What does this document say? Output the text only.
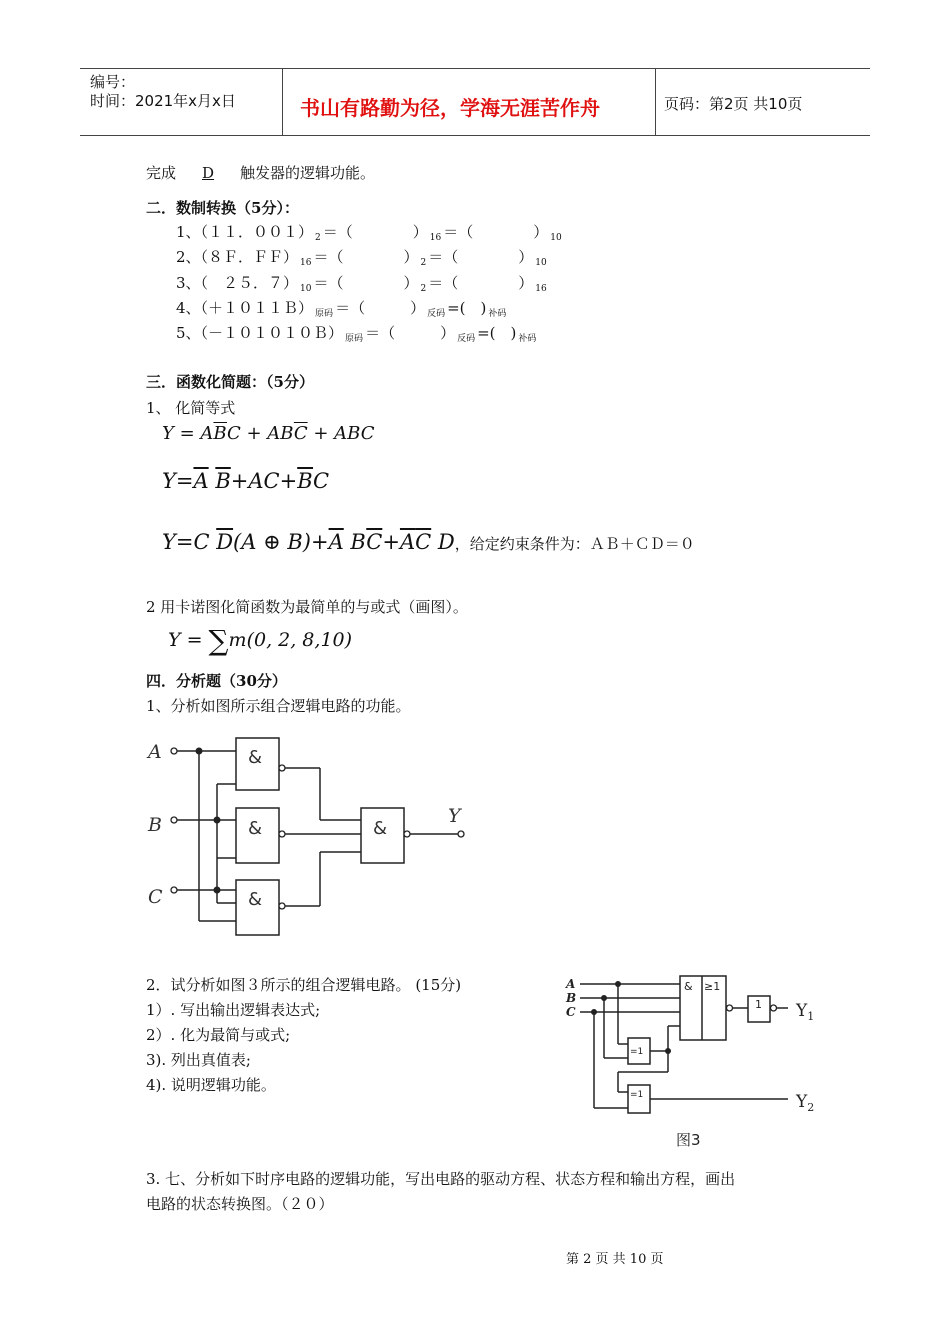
编号：
时间：2021年x月x日	书山有路勤为径，学海无涯苦作舟	页码：第2页 共10页
完成 D 触发器的逻辑功能。
二．数制转换（5分）：
1、（１１．００１） $_2$ ＝（　　　　） $_{16}$ ＝（　　　　） $_{10}$
2、（８Ｆ．ＦＦ） $_{16}$ ＝（　　　　） $_2$ ＝（　　　　） $_{10}$
3、（　２５．７） $_{10}$ ＝（　　　　） $_2$ ＝（　　　　） $_{16}$
4、（＋１０１１Ｂ） $_{原码}$ ＝（　　　） $_{反码}$ =(　) $_{补码}$
5、（－１０１０１０Ｂ） $_{原码}$ ＝（　　　） $_{反码}$ =(　) $_{补码}$
三．函数化简题：（5分）
1、 化简等式
$Y = A\overline{B}C + AB\overline{C}$ + ABC
$Y=\overline{A}$ $\overline{B}+AC+\overline{B}C$
Y=C $\overline{D}(A$ ⊕ $B)+\overline{A}$ $B\overline{C}+\overline{A}\overline{C}$ D，给定约束条件为：ＡＢ＋ＣＤ＝０
2 用卡诺图化简函数为最简单的与或式（画图）。
Y = ∑m(0, 2, 8,10)
四．分析题（30分）
1、分析如图所示组合逻辑电路的功能。
A
B
C
Y
&
&
&
&
2．试分析如图３所示的组合逻辑电路。 (15分)
1）. 写出输出逻辑表达式;
2）. 化为最简与或式;
3). 列出真值表;
4). 说明逻辑功能。
A
B
C
& ≥1
1
=1
=1
$Y_1$
$Y_2$
图3
3. 七、分析如下时序电路的逻辑功能，写出电路的驱动方程、状态方程和输出方程，画出
电路的状态转换图。（２０）
第 2 页 共 10 页
